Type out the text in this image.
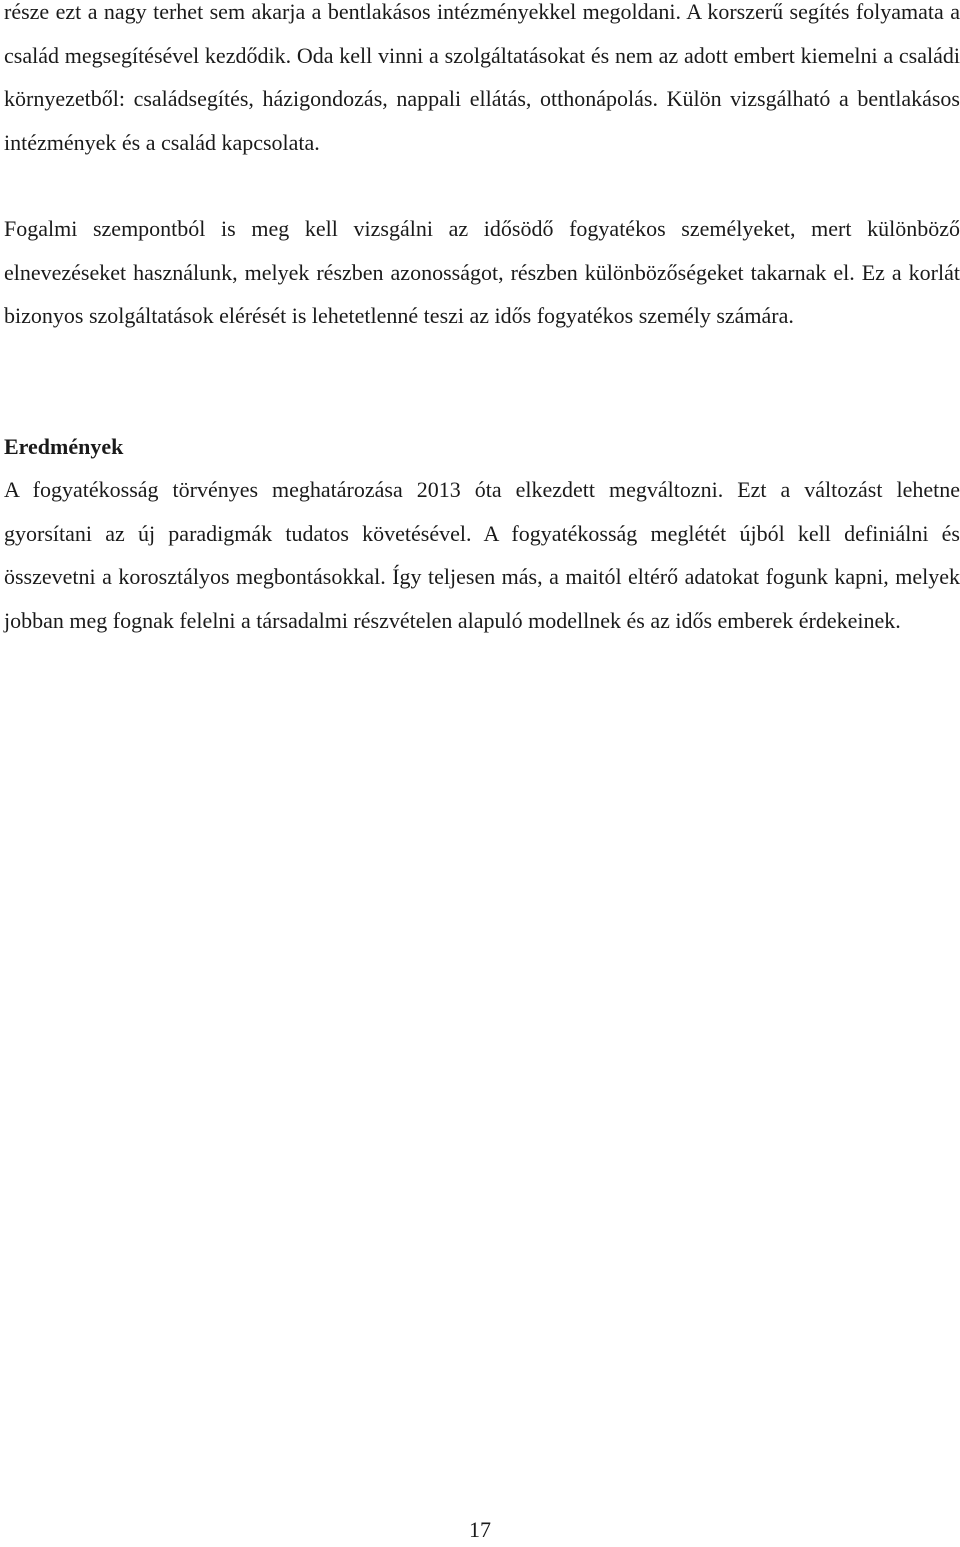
része ezt a nagy terhet sem akarja a bentlakásos intézményekkel megoldani. A korszerű segítés folyamata a család megsegítésével kezdődik. Oda kell vinni a szolgáltatásokat és nem az adott embert kiemelni a családi környezetből: családsegítés, házigondozás, nappali ellátás, otthonápolás. Külön vizsgálható a bentlakásos intézmények és a család kapcsolata.

Fogalmi szempontból is meg kell vizsgálni az idősödő fogyatékos személyeket, mert különböző elnevezéseket használunk, melyek részben azonosságot, részben különbözőségeket takarnak el. Ez a korlát bizonyos szolgáltatások elérését is lehetetlenné teszi az idős fogyatékos személy számára.

Eredmények

A fogyatékosság törvényes meghatározása 2013 óta elkezdett megváltozni. Ezt a változást lehetne gyorsítani az új paradigmák tudatos követésével. A fogyatékosság meglétét újból kell definiálni és összevetni a korosztályos megbontásokkal. Így teljesen más, a maitól eltérő adatokat fogunk kapni, melyek jobban meg fognak felelni a társadalmi részvételen alapuló modellnek és az idős emberek érdekeinek.

17
